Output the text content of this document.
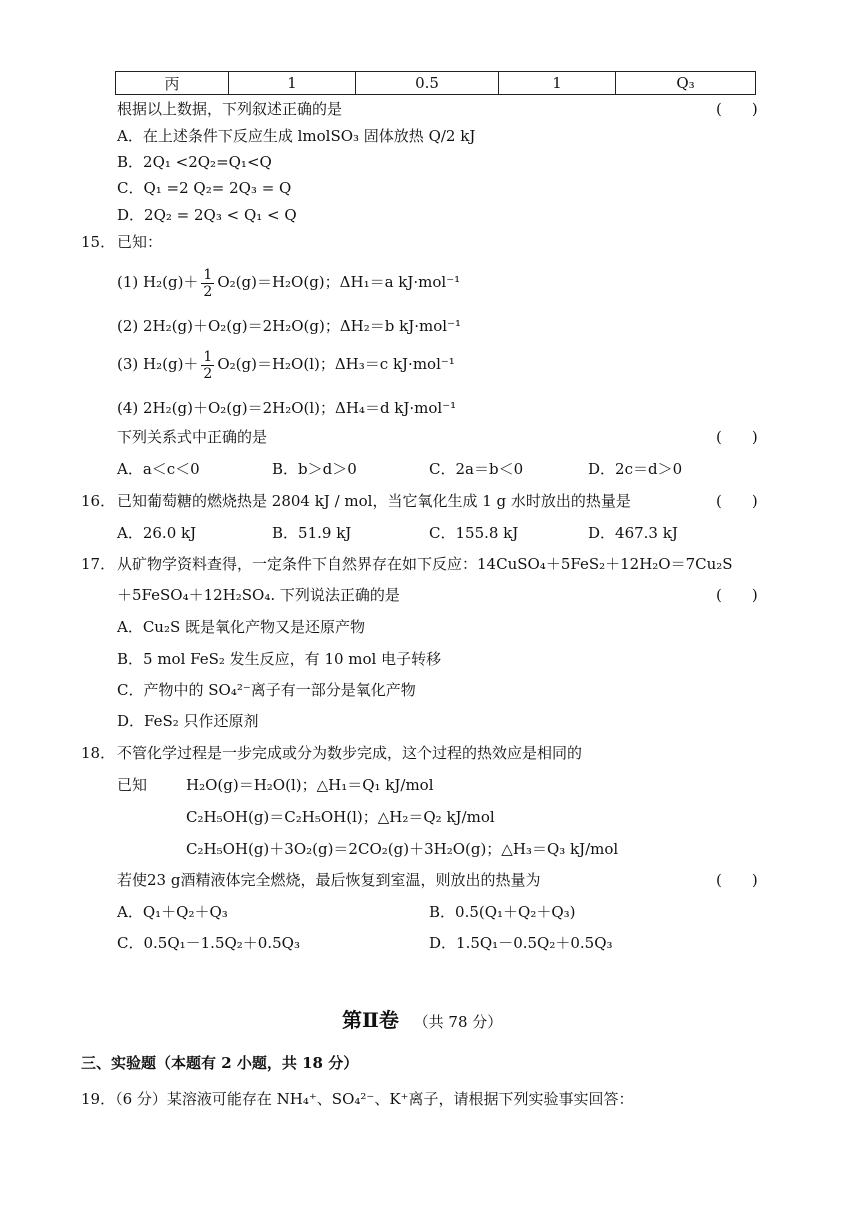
丙	1	0.5	1	Q₃
根据以上数据，下列叙述正确的是	(　　)
A．在上述条件下反应生成 lmolSO₃ 固体放热 Q/2 kJ
B．2Q₁ <2Q₂=Q₁<Q
C．Q₁ =2 Q₂= 2Q₃ = Q
D．2Q₂ = 2Q₃ < Q₁ < Q
15． 已知：
(1) $H_2(g)+ \frac{1}{2} O_2(g)=H_2O(g)$；ΔH₁＝a kJ·mol⁻¹
(2) 2H₂(g)＋O₂(g)＝2H₂O(g)；ΔH₂＝b kJ·mol⁻¹
(3) $H_2(g)+ \frac{1}{2} O_2(g)=H_2O(l)$；ΔH₃＝c kJ·mol⁻¹
(4) 2H₂(g)＋O₂(g)＝2H₂O(l)；ΔH₄＝d kJ·mol⁻¹
下列关系式中正确的是	(　　)
A．a＜c＜0	B．b＞d＞0	C．2a＝b＜0	D．2c＝d＞0
16． 已知葡萄糖的燃烧热是 2804 kJ / mol，当它氧化生成 1 g 水时放出的热量是	(　　)
A．26.0 kJ	B．51.9 kJ	C．155.8 kJ	D．467.3 kJ
17． 从矿物学资料查得，一定条件下自然界存在如下反应：14CuSO₄＋5FeS₂＋12H₂O＝7Cu₂S
＋5FeSO₄＋12H₂SO₄. 下列说法正确的是	(　　)
A．Cu₂S 既是氧化产物又是还原产物
B．5 mol FeS₂ 发生反应，有 10 mol 电子转移
C．产物中的 SO₄²⁻离子有一部分是氧化产物
D．FeS₂ 只作还原剂
18． 不管化学过程是一步完成或分为数步完成，这个过程的热效应是相同的
已知	H₂O(g)＝H₂O(l)；△H₁＝Q₁ kJ/mol
C₂H₅OH(g)＝C₂H₅OH(l)；△H₂＝Q₂ kJ/mol
C₂H₅OH(g)＋3O₂(g)＝2CO₂(g)＋3H₂O(g)；△H₃＝Q₃ kJ/mol
若使23 g酒精液体完全燃烧，最后恢复到室温，则放出的热量为	(　　)
A．Q₁＋Q₂＋Q₃	B．0.5(Q₁＋Q₂＋Q₃)
C．0.5Q₁－1.5Q₂＋0.5Q₃	D．1.5Q₁－0.5Q₂＋0.5Q₃
第Ⅱ卷 （共 78 分）
三、实验题（本题有 2 小题，共 18 分）
19．（6 分）某溶液可能存在 NH₄⁺、SO₄²⁻、K⁺离子，请根据下列实验事实回答：
